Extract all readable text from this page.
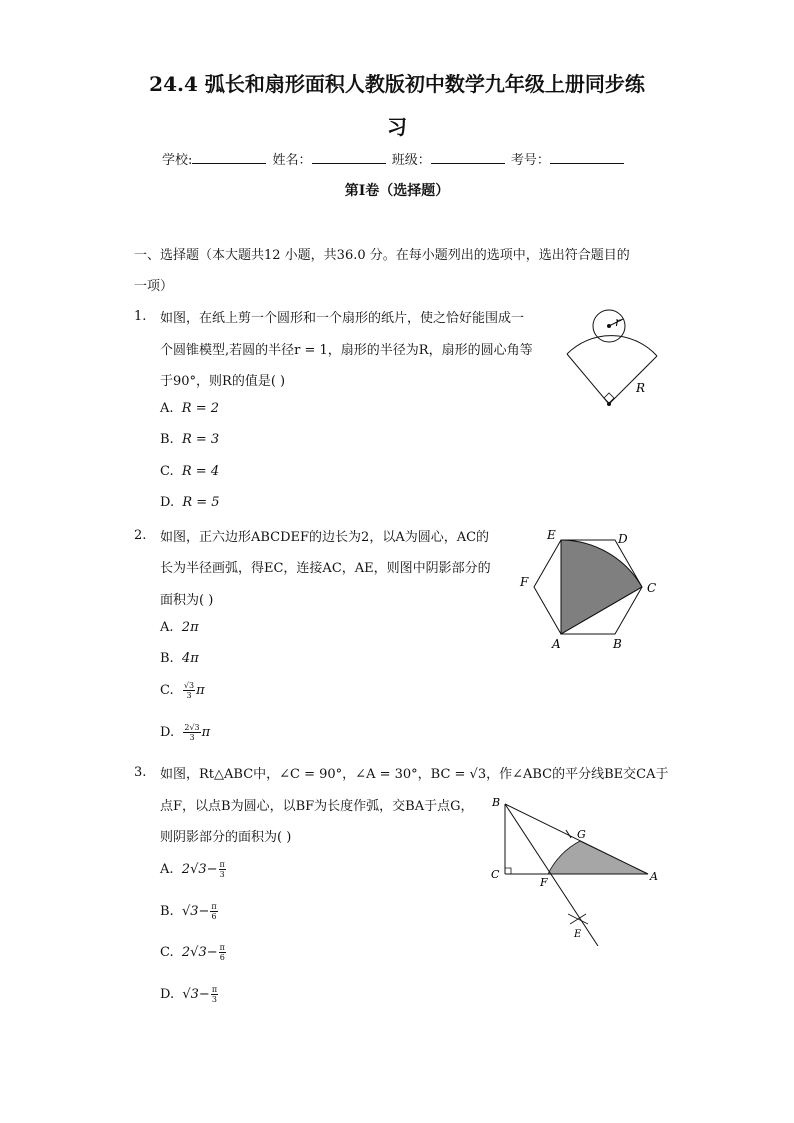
24.4 弧长和扇形面积人教版初中数学九年级上册同步练
习
学校:	姓名：	班级：	考号：
第Ⅰ卷（选择题）
一、选择题（本大题共12 小题，共36.0 分。在每小题列出的选项中，选出符合题目的
一项）
1. 如图，在纸上剪一个圆形和一个扇形的纸片，使之恰好能围成一
个圆锥模型,若圆的半径r = 1，扇形的半径为R，扇形的圆心角等
于90°，则R的值是( )
A. R = 2
B. R = 3
C. R = 4
D. R = 5
r
R
2. 如图，正六边形ABCDEF的边长为2，以A为圆心，AC的
长为半径画弧，得EC，连接AC，AE，则图中阴影部分的
面积为( )
A. 2π
B. 4π
C. $\frac{√3}{3}$ π
D. $\frac{2√3}{3}$ π
E	D
C
B
A
F
3. 如图，Rt△ABC中，∠C = 90°，∠A = 30°，BC = √3，作∠ABC的平分线BE交CA于
点F，以点B为圆心，以BF为长度作弧，交BA于点G，
则阴影部分的面积为( )
A. $2√3- \frac{\pi}{3}$
B. $√3- \frac{\pi}{6}$
C. $2√3- \frac{\pi}{6}$
D. $√3- \frac{\pi}{3}$
B
C
F	A
G
E
